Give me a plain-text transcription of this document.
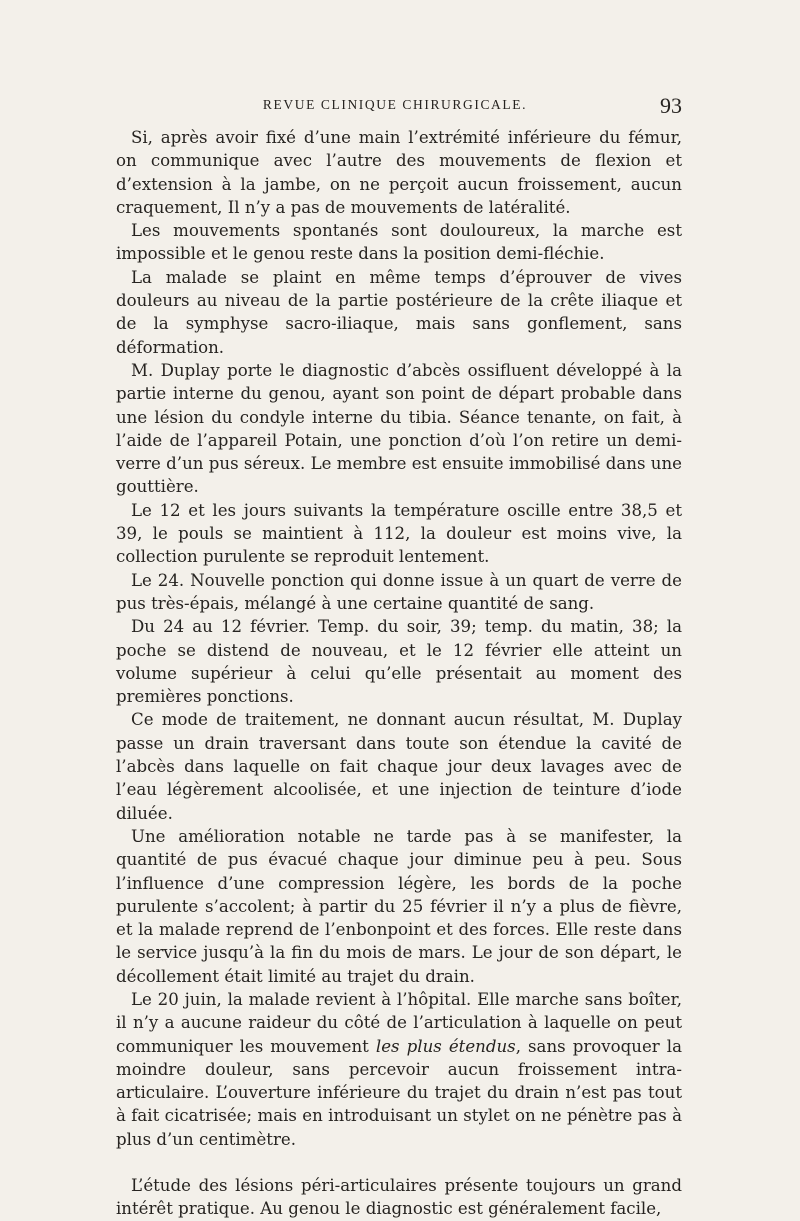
REVUE CLINIQUE CHIRURGICALE.	93

Si, après avoir fixé d’une main l’extrémité inférieure du fémur, on communique avec l’autre des mouvements de flexion et d’extension à la jambe, on ne perçoit aucun froissement, aucun craquement, Il n’y a pas de mouvements de latéralité.

Les mouvements spontanés sont douloureux, la marche est impossible et le genou reste dans la position demi-fléchie.

La malade se plaint en même temps d’éprouver de vives douleurs au niveau de la partie postérieure de la crête iliaque et de la symphyse sacro-iliaque, mais sans gonflement, sans déformation.

M. Duplay porte le diagnostic d’abcès ossifluent développé à la partie interne du genou, ayant son point de départ probable dans une lésion du condyle interne du tibia. Séance tenante, on fait, à l’aide de l’appareil Potain, une ponction d’où l’on retire un demi-verre d’un pus séreux. Le membre est ensuite immobilisé dans une gouttière.

Le 12 et les jours suivants la température oscille entre 38,5 et 39, le pouls se maintient à 112, la douleur est moins vive, la collection purulente se reproduit lentement.

Le 24. Nouvelle ponction qui donne issue à un quart de verre de pus très-épais, mélangé à une certaine quantité de sang.

Du 24 au 12 février. Temp. du soir, 39; temp. du matin, 38; la poche se distend de nouveau, et le 12 février elle atteint un volume supérieur à celui qu’elle présentait au moment des premières ponctions.

Ce mode de traitement, ne donnant aucun résultat, M. Duplay passe un drain traversant dans toute son étendue la cavité de l’abcès dans laquelle on fait chaque jour deux lavages avec de l’eau légèrement alcoolisée, et une injection de teinture d’iode diluée.

Une amélioration notable ne tarde pas à se manifester, la quantité de pus évacué chaque jour diminue peu à peu. Sous l’influence d’une compression légère, les bords de la poche purulente s’accolent; à partir du 25 février il n’y a plus de fièvre, et la malade reprend de l’enbonpoint et des forces. Elle reste dans le service jusqu’à la fin du mois de mars. Le jour de son départ, le décollement était limité au trajet du drain.

Le 20 juin, la malade revient à l’hôpital. Elle marche sans boîter, il n’y a aucune raideur du côté de l’articulation à laquelle on peut communiquer les mouvement les plus étendus, sans provoquer la moindre douleur, sans percevoir aucun froissement intra-articulaire. L’ouverture inférieure du trajet du drain n’est pas tout à fait cicatrisée; mais en introduisant un stylet on ne pénètre pas à plus d’un centimètre.

L’étude des lésions péri-articulaires présente toujours un grand intérêt pratique. Au genou le diagnostic est généralement facile,
